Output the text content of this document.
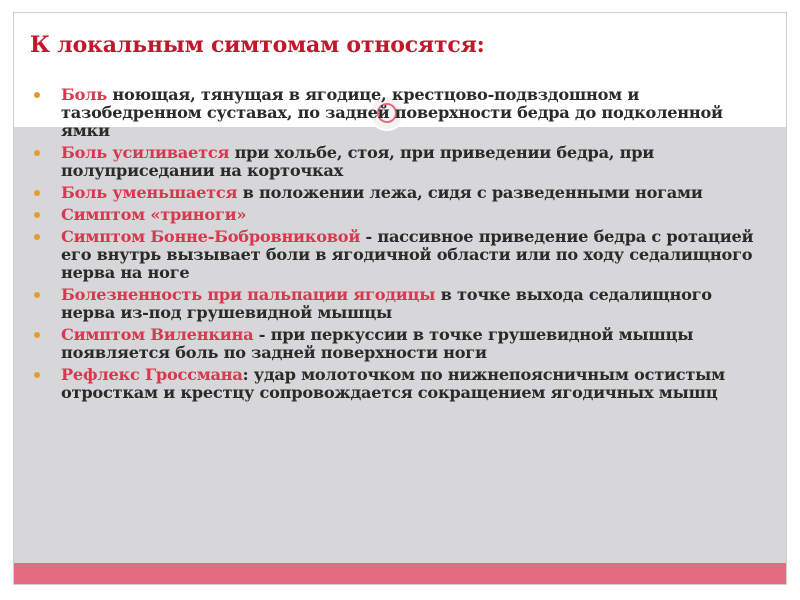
К локальным симтомам относятся:
Боль ноющая, тянущая в ягодице, крестцово-подвздошном и тазобедренном суставах, по задней поверхности бедра до подколенной ямки
Боль усиливается при хольбе, стоя, при приведении бедра, при полуприседании на корточках
Боль уменьшается в положении лежа, сидя с разведенными ногами
Симптом «триноги»
Симптом Бонне-Бобровниковой - пассивное приведение бедра с ротацией его внутрь вызывает боли в ягодичной области или по ходу седалищного нерва на ноге
Болезненность при пальпации ягодицы в точке выхода седалищного нерва из-под грушевидной мышцы
Симптом Виленкина - при перкуссии в точке грушевидной мышцы появляется боль по задней поверхности ноги
Рефлекс Гроссмана: удар молоточком по нижнепоясничным остистым отросткам и крестцу сопровождается сокращением ягодичных мышц
